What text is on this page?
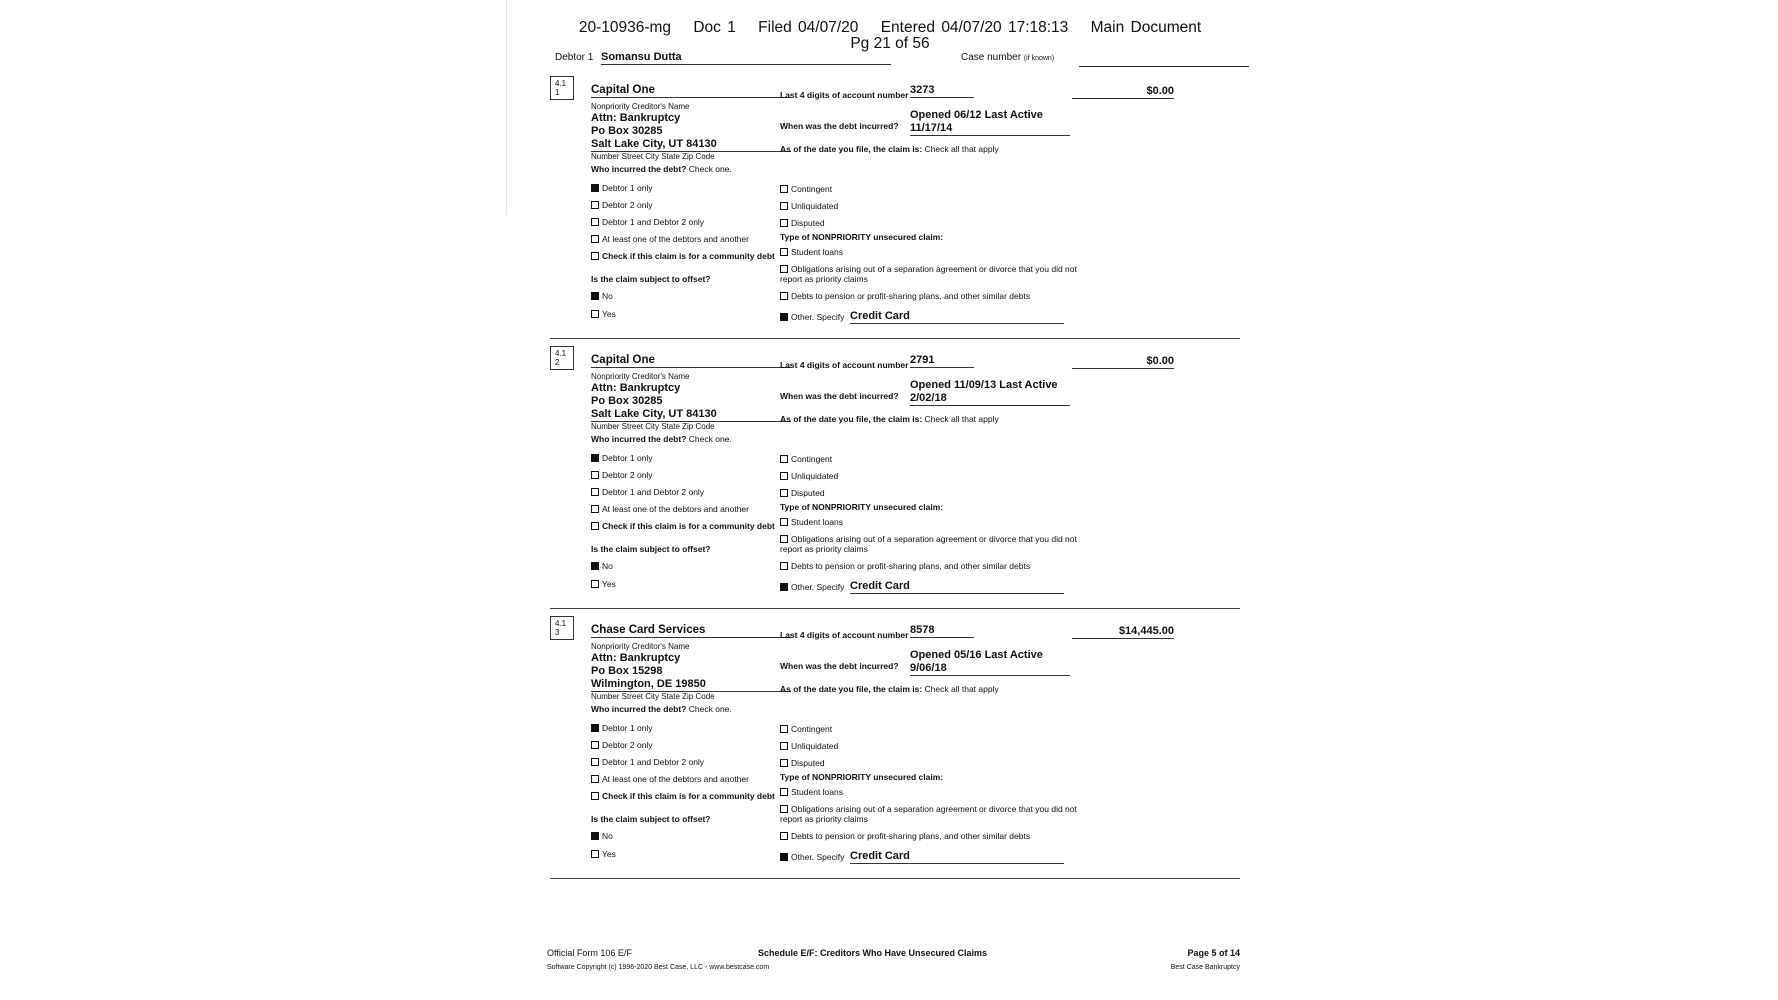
20-10936-mg Doc 1 Filed 04/07/20 Entered 04/07/20 17:18:13 Main Document
Pg 21 of 56
Debtor 1 Somansu Dutta	Case number (if known)
4.1
1	Capital One
Nonpriority Creditor's Name
Attn: Bankruptcy
Po Box 30285
Salt Lake City, UT 84130
Number Street City State Zip Code
Who incurred the debt? Check one.
Debtor 1 only
Debtor 2 only
Debtor 1 and Debtor 2 only
At least one of the debtors and another
Check if this claim is for a community debt
Is the claim subject to offset?
No
Yes
Last 4 digits of account number 3273	$0.00
When was the debt incurred?
Opened 06/12 Last Active
11/17/14
As of the date you file, the claim is: Check all that apply
Contingent
Unliquidated
Disputed
Type of NONPRIORITY unsecured claim:
Student loans
Obligations arising out of a separation agreement or divorce that you did not report as priority claims
Debts to pension or profit-sharing plans, and other similar debts
Other. Specify Credit Card
4.1
2	Capital One
Nonpriority Creditor's Name
Attn: Bankruptcy
Po Box 30285
Salt Lake City, UT 84130
Number Street City State Zip Code
Who incurred the debt? Check one.
Debtor 1 only
Debtor 2 only
Debtor 1 and Debtor 2 only
At least one of the debtors and another
Check if this claim is for a community debt
Is the claim subject to offset?
No
Yes
Last 4 digits of account number 2791	$0.00
When was the debt incurred?
Opened 11/09/13 Last Active
2/02/18
As of the date you file, the claim is: Check all that apply
Contingent
Unliquidated
Disputed
Type of NONPRIORITY unsecured claim:
Student loans
Obligations arising out of a separation agreement or divorce that you did not report as priority claims
Debts to pension or profit-sharing plans, and other similar debts
Other. Specify Credit Card
4.1
3	Chase Card Services
Nonpriority Creditor's Name
Attn: Bankruptcy
Po Box 15298
Wilmington, DE 19850
Number Street City State Zip Code
Who incurred the debt? Check one.
Debtor 1 only
Debtor 2 only
Debtor 1 and Debtor 2 only
At least one of the debtors and another
Check if this claim is for a community debt
Is the claim subject to offset?
No
Yes
Last 4 digits of account number 8578	$14,445.00
When was the debt incurred?
Opened 05/16 Last Active
9/06/18
As of the date you file, the claim is: Check all that apply
Contingent
Unliquidated
Disputed
Type of NONPRIORITY unsecured claim:
Student loans
Obligations arising out of a separation agreement or divorce that you did not report as priority claims
Debts to pension or profit-sharing plans, and other similar debts
Other. Specify Credit Card
Official Form 106 E/F	Schedule E/F: Creditors Who Have Unsecured Claims	Page 5 of 14
Software Copyright (c) 1996-2020 Best Case, LLC - www.bestcase.com	Best Case Bankruptcy
